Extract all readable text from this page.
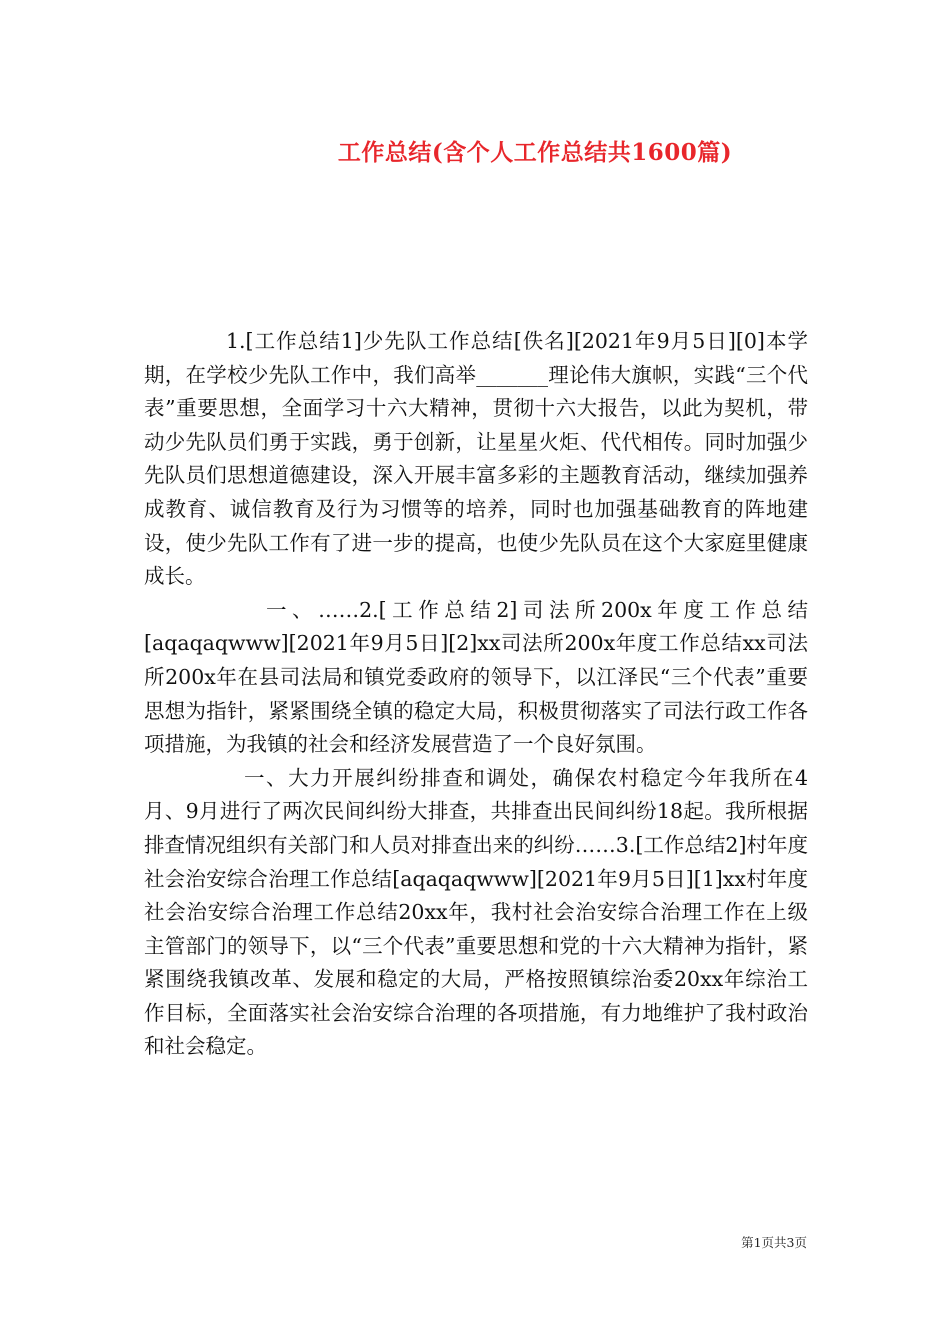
工作总结(含个人工作总结共1600篇)

1.[工作总结1]少先队工作总结[佚名][2021年9月5日][0]本学期，在学校少先队工作中，我们高举_______理论伟大旗帜，实践“三个代表”重要思想，全面学习十六大精神，贯彻十六大报告，以此为契机，带动少先队员们勇于实践，勇于创新，让星星火炬、代代相传。同时加强少先队员们思想道德建设，深入开展丰富多彩的主题教育活动，继续加强养成教育、诚信教育及行为习惯等的培养，同时也加强基础教育的阵地建设，使少先队工作有了进一步的提高，也使少先队员在这个大家庭里健康成长。

一、……2.[工作总结2]司法所200x年度工作总结[aqaqaqwww][2021年9月5日][2]xx司法所200x年度工作总结xx司法所200x年在县司法局和镇党委政府的领导下，以江泽民“三个代表”重要思想为指针，紧紧围绕全镇的稳定大局，积极贯彻落实了司法行政工作各项措施，为我镇的社会和经济发展营造了一个良好氛围。

一、大力开展纠纷排查和调处，确保农村稳定今年我所在4月、9月进行了两次民间纠纷大排查，共排查出民间纠纷18起。我所根据排查情况组织有关部门和人员对排查出来的纠纷……3.[工作总结2]村年度社会治安综合治理工作总结[aqaqaqwww][2021年9月5日][1]xx村年度社会治安综合治理工作总结20xx年，我村社会治安综合治理工作在上级主管部门的领导下，以“三个代表”重要思想和党的十六大精神为指针，紧紧围绕我镇改革、发展和稳定的大局，严格按照镇综治委20xx年综治工作目标，全面落实社会治安综合治理的各项措施，有力地维护了我村政治和社会稳定。

第1页共3页
